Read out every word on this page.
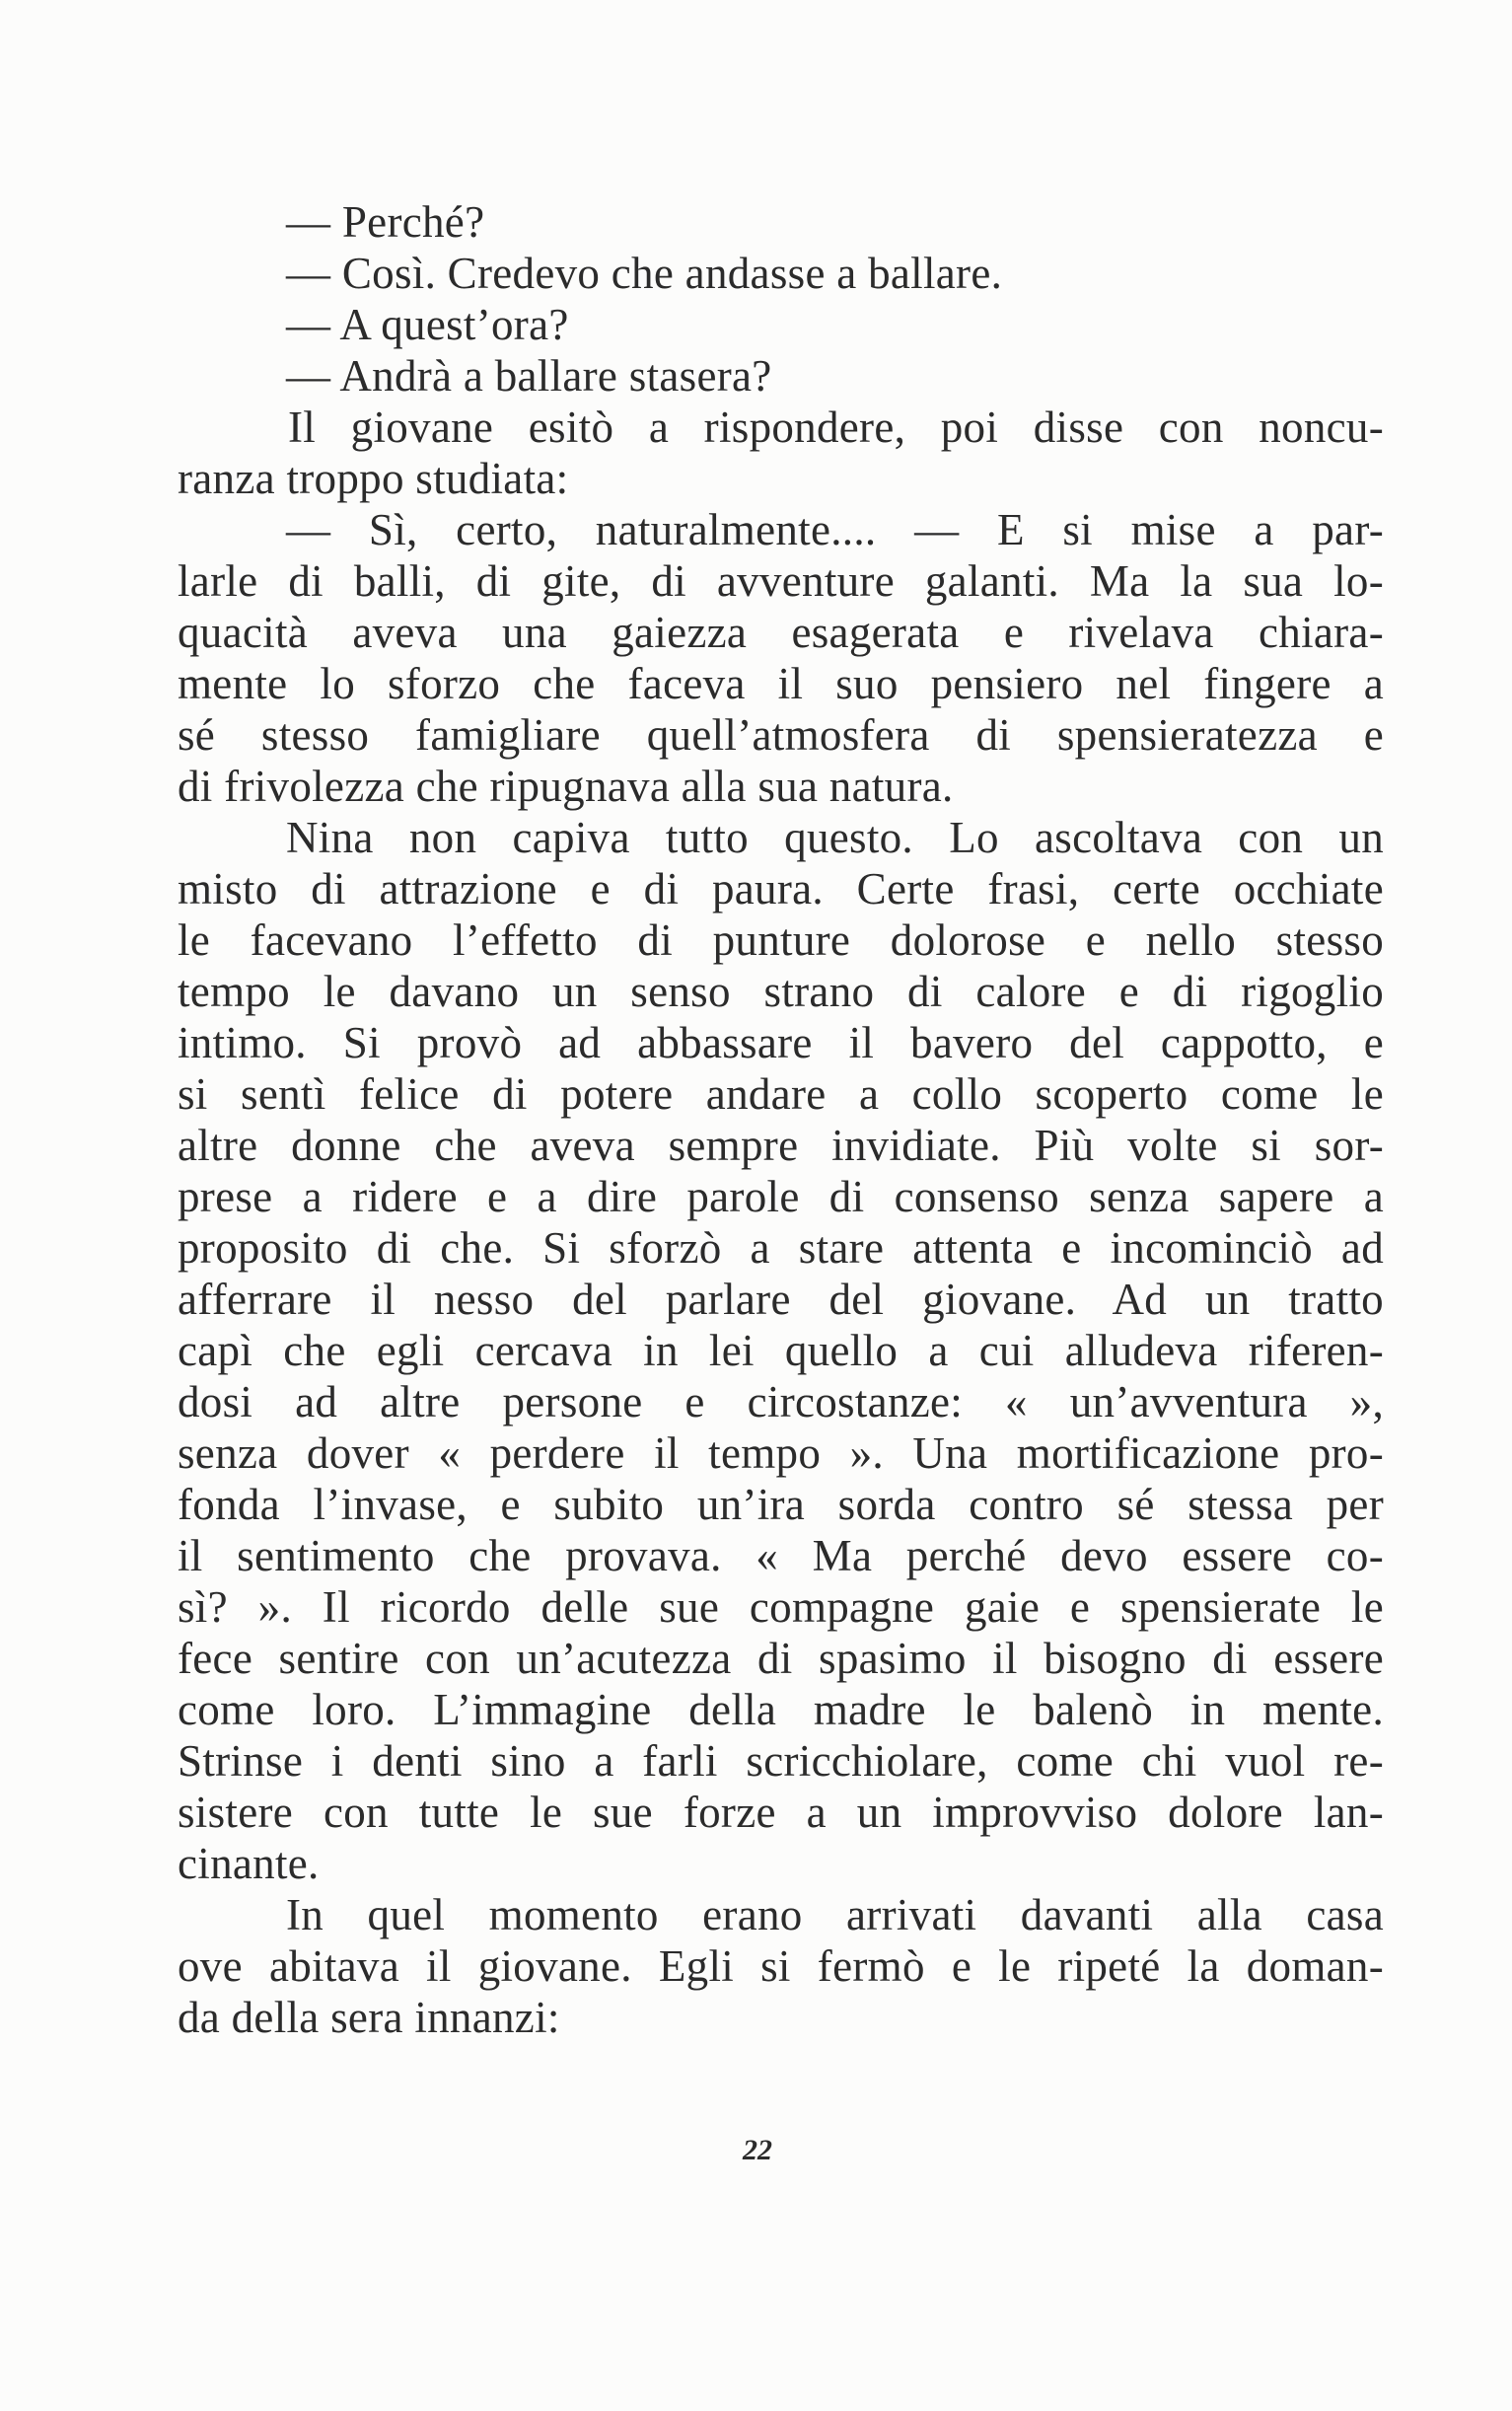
— Perché?
— Così. Credevo che andasse a ballare.
— A quest’ora?
— Andrà a ballare stasera?
Il giovane esitò a rispondere, poi disse con noncu-
ranza troppo studiata:
— Sì, certo, naturalmente.... — E si mise a par-
larle di balli, di gite, di avventure galanti. Ma la sua lo-
quacità aveva una gaiezza esagerata e rivelava chiara-
mente lo sforzo che faceva il suo pensiero nel fingere a
sé stesso famigliare quell’atmosfera di spensieratezza e
di frivolezza che ripugnava alla sua natura.
Nina non capiva tutto questo. Lo ascoltava con un
misto di attrazione e di paura. Certe frasi, certe occhiate
le facevano l’effetto di punture dolorose e nello stesso
tempo le davano un senso strano di calore e di rigoglio
intimo. Si provò ad abbassare il bavero del cappotto, e
si sentì felice di potere andare a collo scoperto come le
altre donne che aveva sempre invidiate. Più volte si sor-
prese a ridere e a dire parole di consenso senza sapere a
proposito di che. Si sforzò a stare attenta e incominciò ad
afferrare il nesso del parlare del giovane. Ad un tratto
capì che egli cercava in lei quello a cui alludeva riferen-
dosi ad altre persone e circostanze: « un’avventura »,
senza dover « perdere il tempo ». Una mortificazione pro-
fonda l’invase, e subito un’ira sorda contro sé stessa per
il sentimento che provava. « Ma perché devo essere co-
sì? ». Il ricordo delle sue compagne gaie e spensierate le
fece sentire con un’acutezza di spasimo il bisogno di essere
come loro. L’immagine della madre le balenò in mente.
Strinse i denti sino a farli scricchiolare, come chi vuol re-
sistere con tutte le sue forze a un improvviso dolore lan-
cinante.
In quel momento erano arrivati davanti alla casa
ove abitava il giovane. Egli si fermò e le ripeté la doman-
da della sera innanzi:
22
